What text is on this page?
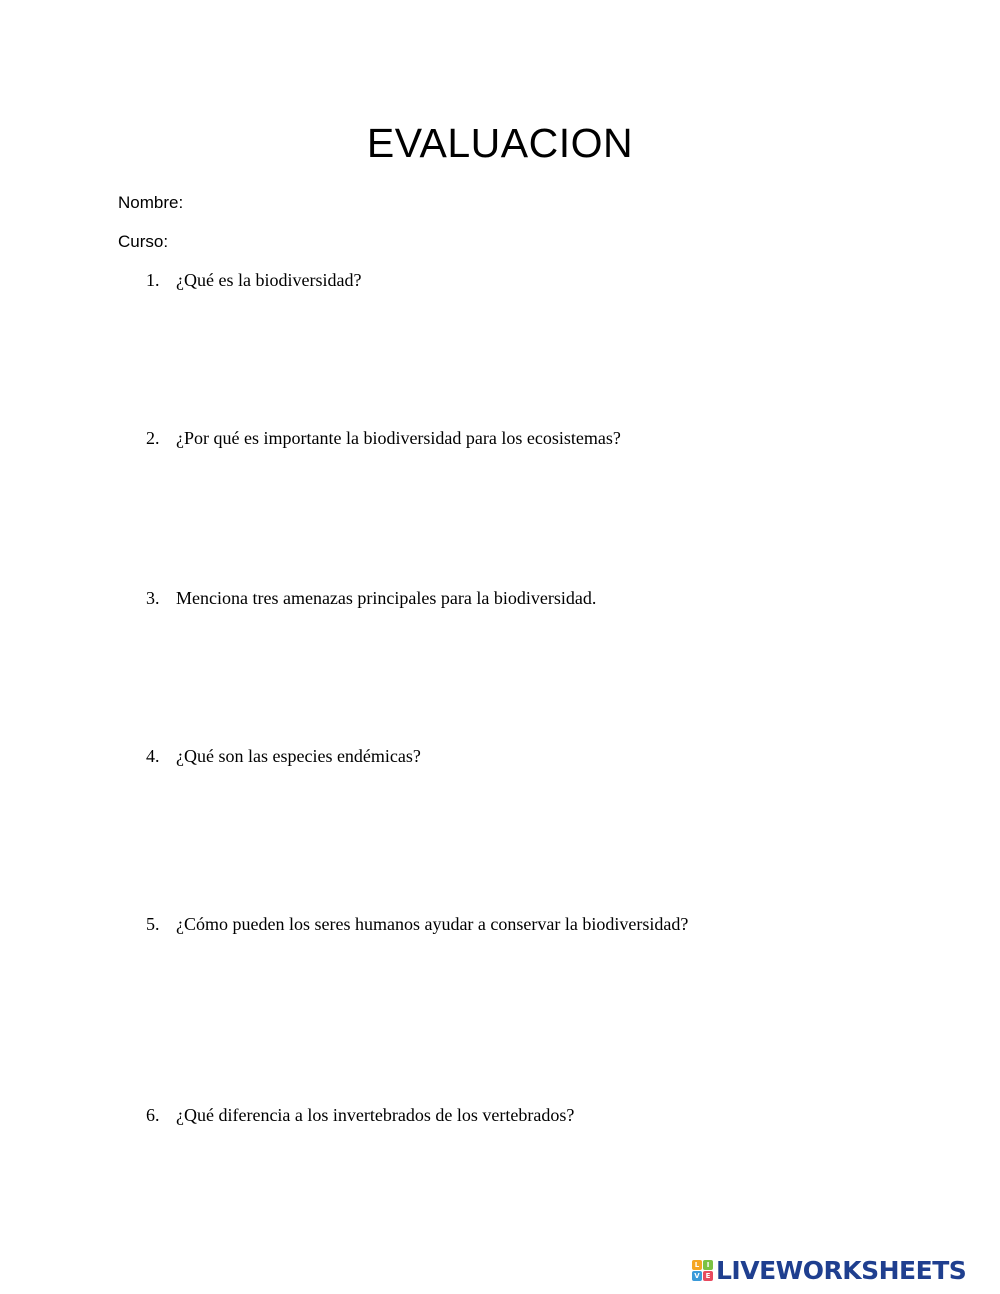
EVALUACION
Nombre:
Curso:
1. ¿Qué es la biodiversidad?
2. ¿Por qué es importante la biodiversidad para los ecosistemas?
3. Menciona tres amenazas principales para la biodiversidad.
4. ¿Qué son las especies endémicas?
5. ¿Cómo pueden los seres humanos ayudar a conservar la biodiversidad?
6. ¿Qué diferencia a los invertebrados de los vertebrados?
L	I
V E LIVEWORKSHEETS
